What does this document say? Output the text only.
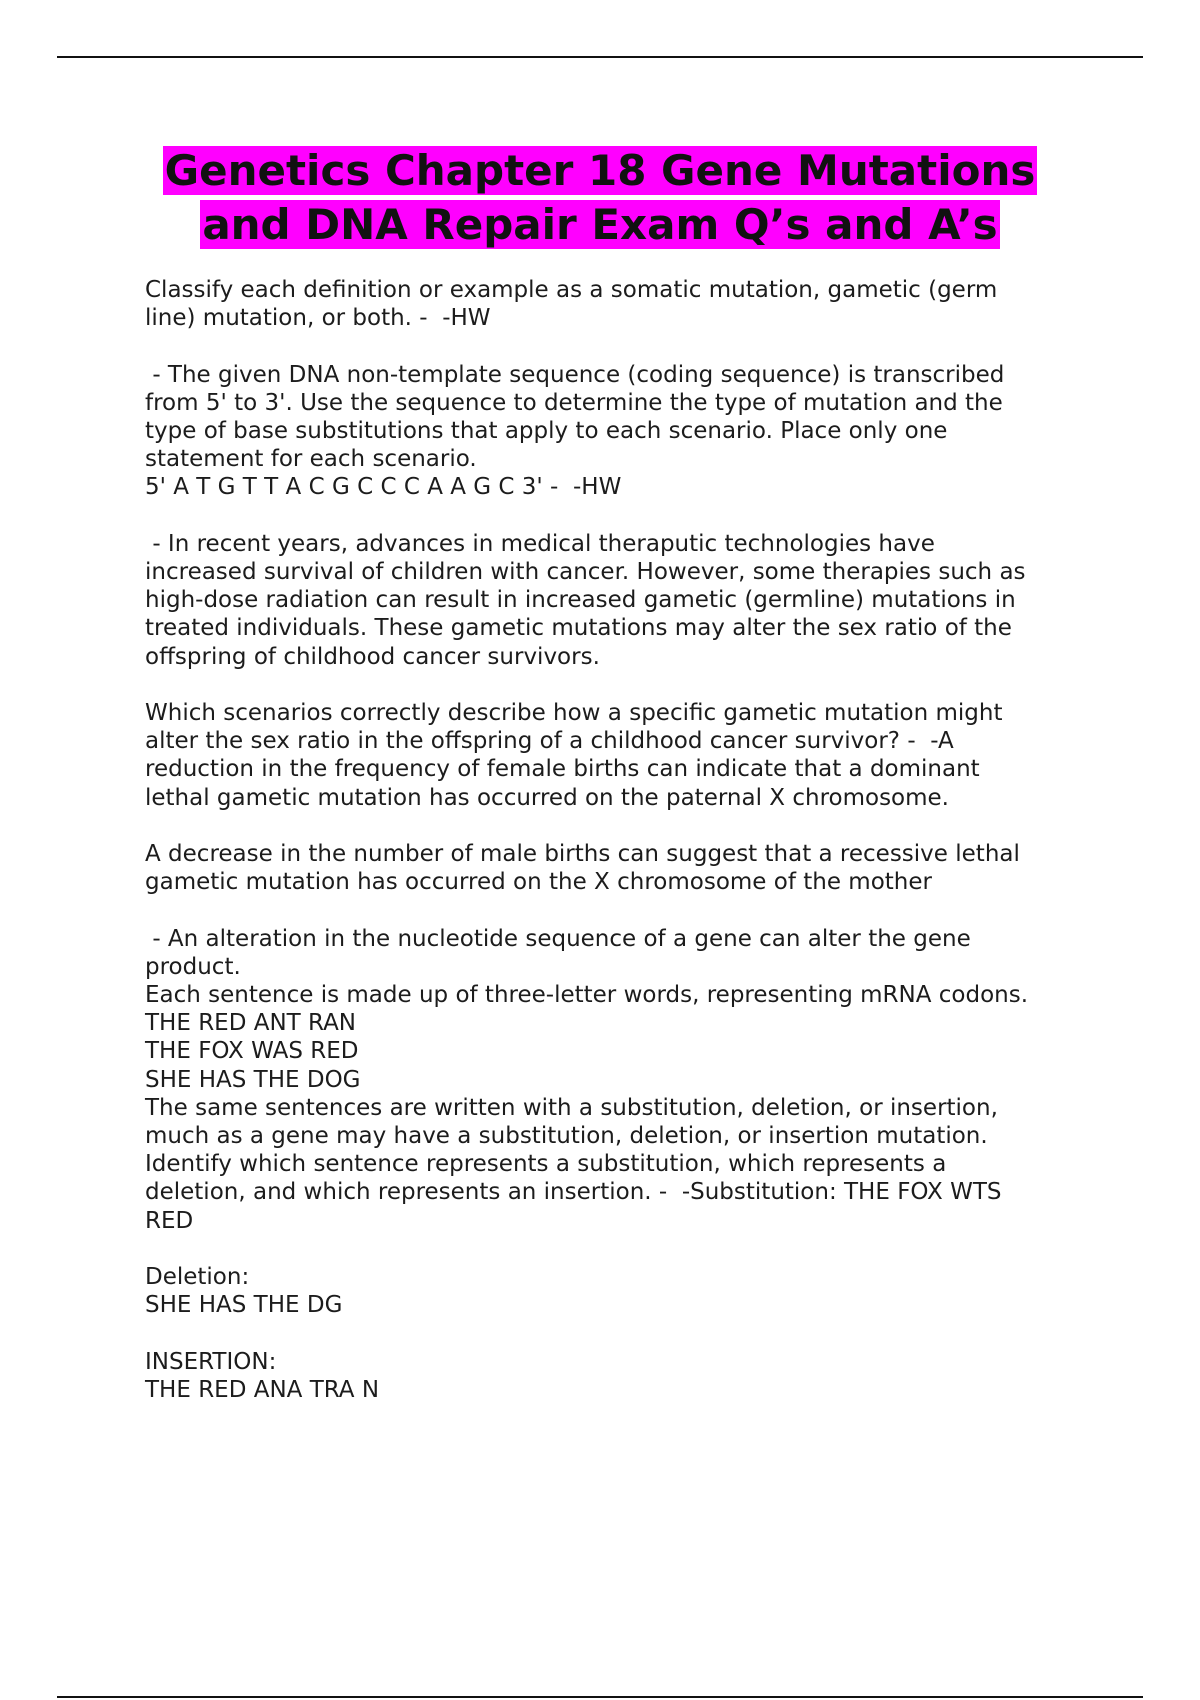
Genetics Chapter 18 Gene Mutations
and DNA Repair Exam Q’s and A’s
Classify each definition or example as a somatic mutation, gametic (germ
line) mutation, or both. -  -HW
- The given DNA non-template sequence (coding sequence) is transcribed
from 5' to 3'. Use the sequence to determine the type of mutation and the
type of base substitutions that apply to each scenario. Place only one
statement for each scenario.
5' A T G T T A C G C C C A A G C 3' -  -HW
- In recent years, advances in medical theraputic technologies have
increased survival of children with cancer. However, some therapies such as
high-dose radiation can result in increased gametic (germline) mutations in
treated individuals. These gametic mutations may alter the sex ratio of the
offspring of childhood cancer survivors.
Which scenarios correctly describe how a specific gametic mutation might
alter the sex ratio in the offspring of a childhood cancer survivor? -  -A
reduction in the frequency of female births can indicate that a dominant
lethal gametic mutation has occurred on the paternal X chromosome.
A decrease in the number of male births can suggest that a recessive lethal
gametic mutation has occurred on the X chromosome of the mother
- An alteration in the nucleotide sequence of a gene can alter the gene
product.
Each sentence is made up of three-letter words, representing mRNA codons.
THE RED ANT RAN
THE FOX WAS RED
SHE HAS THE DOG
The same sentences are written with a substitution, deletion, or insertion,
much as a gene may have a substitution, deletion, or insertion mutation.
Identify which sentence represents a substitution, which represents a
deletion, and which represents an insertion. -  -Substitution: THE FOX WTS
RED
Deletion:
SHE HAS THE DG
INSERTION:
THE RED ANA TRA N
